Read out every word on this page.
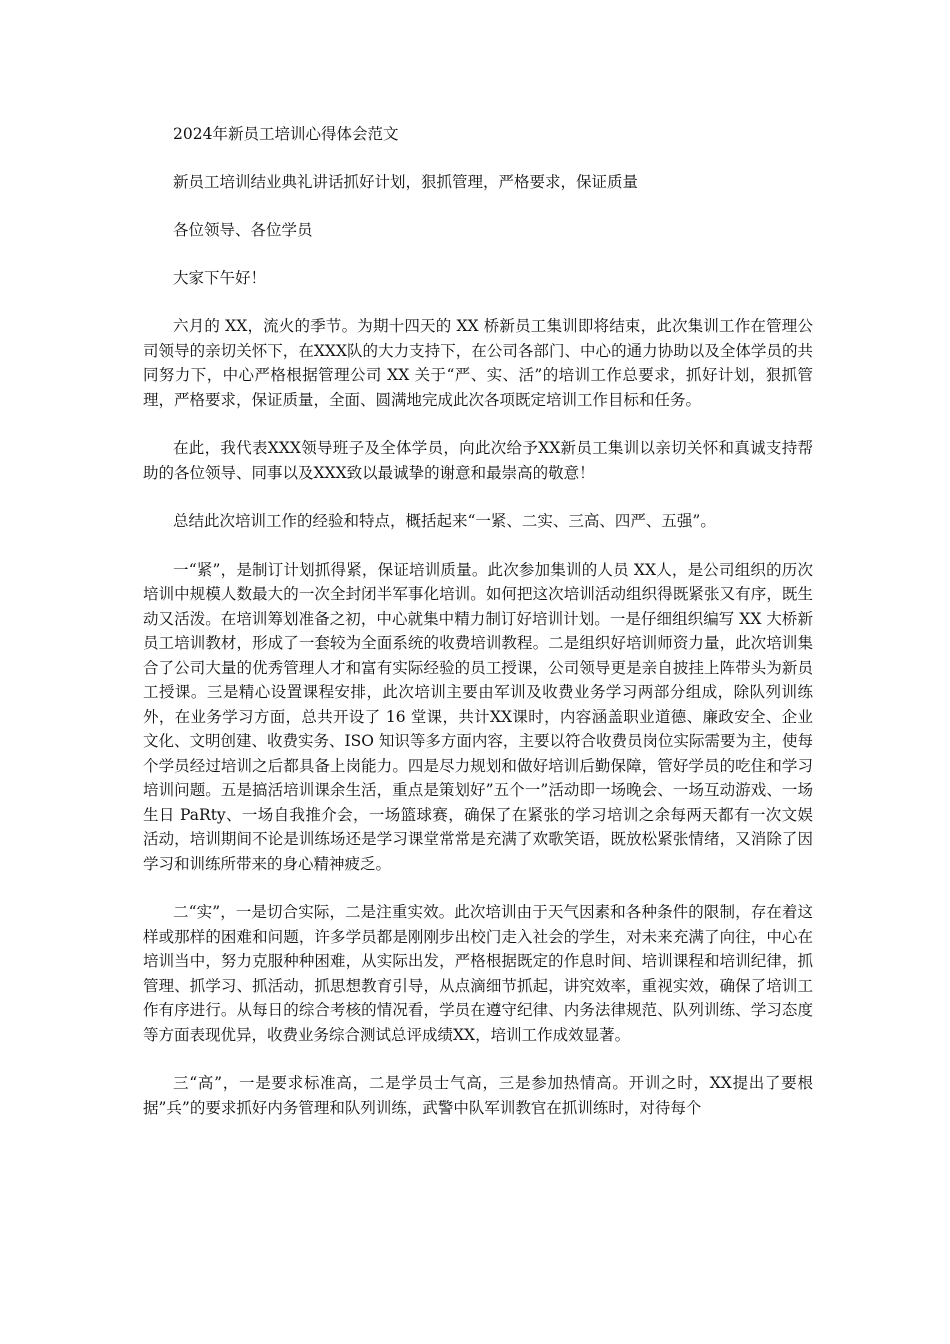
2024年新员工培训心得体会范文

新员工培训结业典礼讲话抓好计划，狠抓管理，严格要求，保证质量

各位领导、各位学员

大家下午好！

六月的 XX，流火的季节。为期十四天的 XX 桥新员工集训即将结束，此次集训工作在管理公司领导的亲切关怀下，在XXX队的大力支持下，在公司各部门、中心的通力协助以及全体学员的共同努力下，中心严格根据管理公司 XX 关于“严、实、活”的培训工作总要求，抓好计划，狠抓管理，严格要求，保证质量，全面、圆满地完成此次各项既定培训工作目标和任务。

在此，我代表XXX领导班子及全体学员，向此次给予XX新员工集训以亲切关怀和真诚支持帮助的各位领导、同事以及XXX致以最诚挚的谢意和最崇高的敬意！

总结此次培训工作的经验和特点，概括起来“一紧、二实、三高、四严、五强”。

一“紧”，是制订计划抓得紧，保证培训质量。此次参加集训的人员 XX人，是公司组织的历次培训中规模人数最大的一次全封闭半军事化培训。如何把这次培训活动组织得既紧张又有序，既生动又活泼。在培训筹划准备之初，中心就集中精力制订好培训计划。一是仔细组织编写 XX 大桥新员工培训教材，形成了一套较为全面系统的收费培训教程。二是组织好培训师资力量，此次培训集合了公司大量的优秀管理人才和富有实际经验的员工授课，公司领导更是亲自披挂上阵带头为新员工授课。三是精心设置课程安排，此次培训主要由军训及收费业务学习两部分组成，除队列训练外，在业务学习方面，总共开设了 16 堂课，共计XX课时，内容涵盖职业道德、廉政安全、企业文化、文明创建、收费实务、ISO 知识等多方面内容，主要以符合收费员岗位实际需要为主，使每个学员经过培训之后都具备上岗能力。四是尽力规划和做好培训后勤保障，管好学员的吃住和学习培训问题。五是搞活培训课余生活，重点是策划好”五个一”活动即一场晚会、一场互动游戏、一场生日 PaRty、一场自我推介会，一场篮球赛，确保了在紧张的学习培训之余每两天都有一次文娱活动，培训期间不论是训练场还是学习课堂常常是充满了欢歌笑语，既放松紧张情绪，又消除了因学习和训练所带来的身心精神疲乏。

二“实”，一是切合实际，二是注重实效。此次培训由于天气因素和各种条件的限制，存在着这样或那样的困难和问题，许多学员都是刚刚步出校门走入社会的学生，对未来充满了向往，中心在培训当中，努力克服种种困难，从实际出发，严格根据既定的作息时间、培训课程和培训纪律，抓管理、抓学习、抓活动，抓思想教育引导，从点滴细节抓起，讲究效率，重视实效，确保了培训工作有序进行。从每日的综合考核的情况看，学员在遵守纪律、内务法律规范、队列训练、学习态度等方面表现优异，收费业务综合测试总评成绩XX，培训工作成效显著。

三“高”，一是要求标准高，二是学员士气高，三是参加热情高。开训之时，XX提出了要根据”兵”的要求抓好内务管理和队列训练，武警中队军训教官在抓训练时，对待每个
